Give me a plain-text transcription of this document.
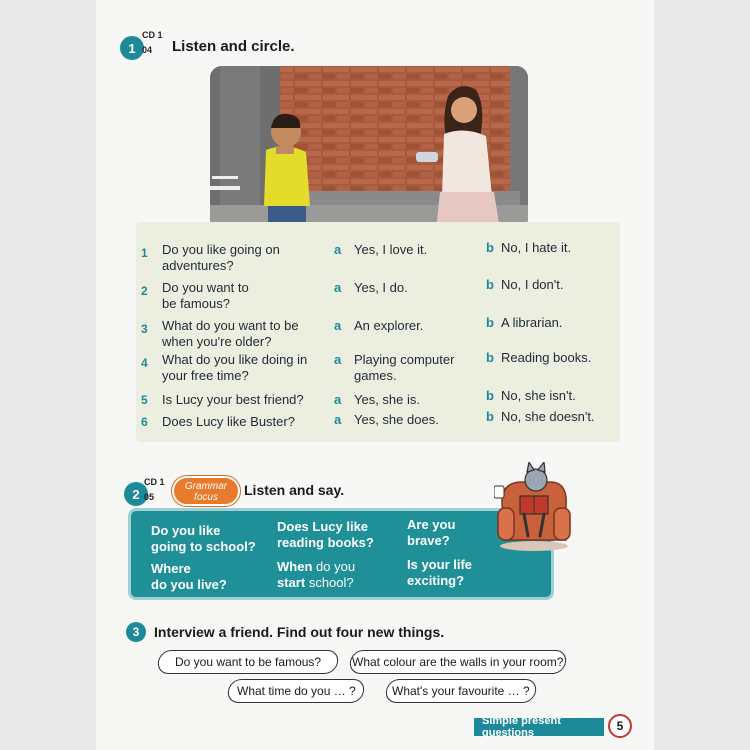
1
CD 1
04	Listen and circle.
1 Do you like going on adventures?
a Yes, I love it.	b No, I hate it.
2 Do you want to be famous?
a Yes, I do.	b No, I don't.
3 What do you want to be when you're older?
a An explorer.	b A librarian.
4 What do you like doing in your free time?
a Playing computer games.
b Reading books.
5 Is Lucy your best friend?	a Yes, she is.	b No, she isn't.
6 Does Lucy like Buster?	a Yes, she does.	b No, she doesn't.
2
CD 1
05
Grammar
focus	Listen and say.
Do you like
going to school?
Does Lucy like
reading books?
Are you
brave?
Where
do you live?
When do you
start school?
Is your life
exciting?
3	Interview a friend. Find out four new things.
Do you want to be famous?	What colour are the walls in your room?
What time do you … ?	What's your favourite … ?
Simple present questions	5
